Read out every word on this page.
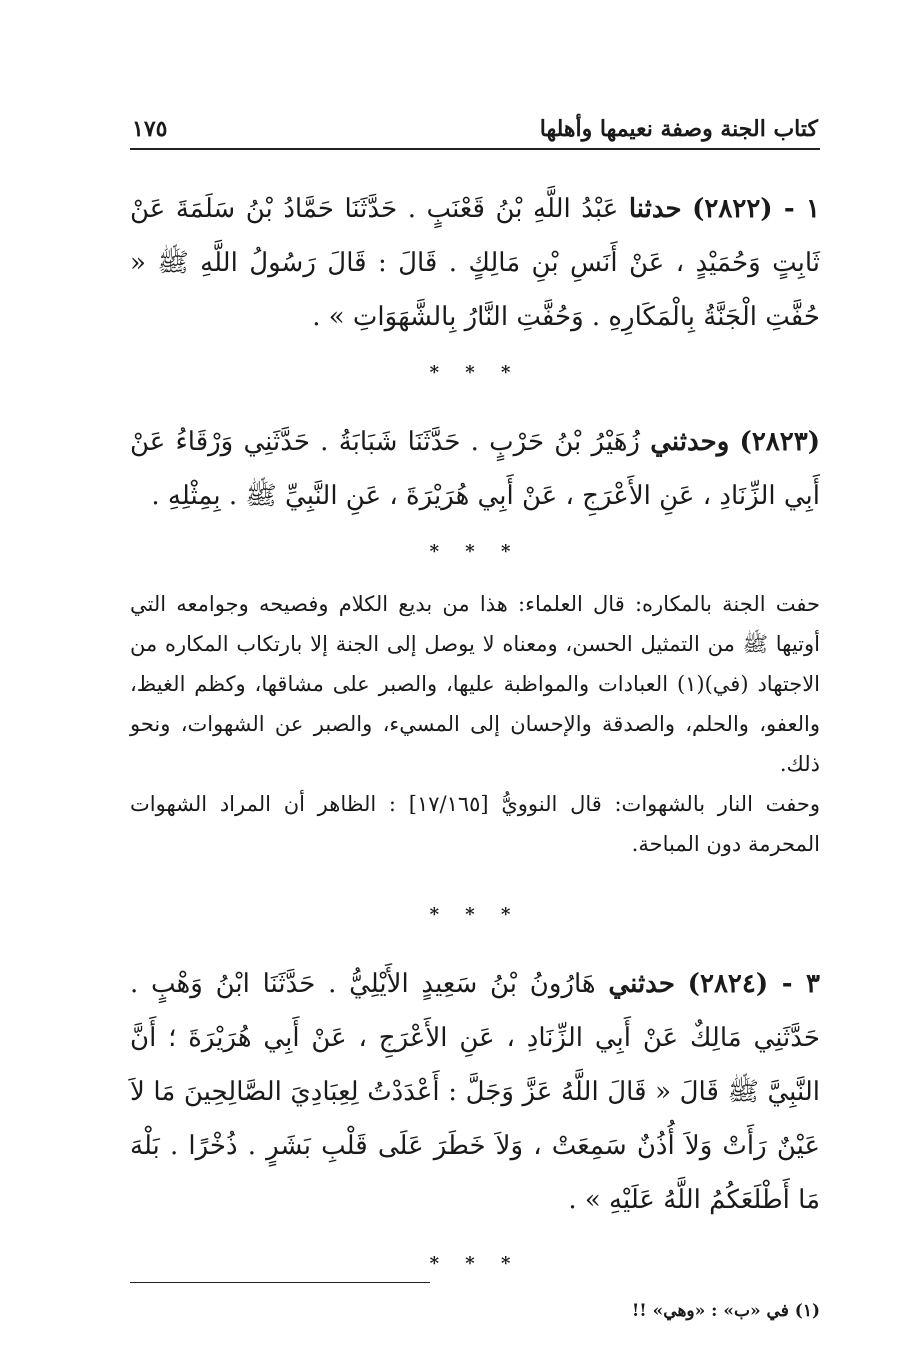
كتاب الجنة وصفة نعيمها وأهلها
١٧٥
١ - (٢٨٢٢) حدثنا عَبْدُ اللَّهِ بْنُ قَعْنَبٍ . حَدَّثَنَا حَمَّادُ بْنُ سَلَمَةَ عَنْ ثَابِتٍ وَحُمَيْدٍ ، عَنْ أَنَسِ بْنِ مَالِكٍ . قَالَ : قَالَ رَسُولُ اللَّهِ ﷺ « حُفَّتِ الْجَنَّةُ بِالْمَكَارِهِ . وَحُفَّتِ النَّارُ بِالشَّهَوَاتِ » .
* * *
(٢٨٢٣) وحدثني زُهَيْرُ بْنُ حَرْبٍ . حَدَّثَنَا شَبَابَةُ . حَدَّثَنِي وَرْقَاءُ عَنْ أَبِي الزِّنَادِ ، عَنِ الأَعْرَجِ ، عَنْ أَبِي هُرَيْرَةَ ، عَنِ النَّبِيِّ ﷺ . بِمِثْلِهِ .
* * *

حفت الجنة بالمكاره: قال العلماء: هذا من بديع الكلام وفصيحه وجوامعه التي أوتيها ﷺ من التمثيل الحسن، ومعناه لا يوصل إلى الجنة إلا بارتكاب المكاره من الاجتهاد (في)(١) العبادات والمواظبة عليها، والصبر على مشاقها، وكظم الغيظ، والعفو، والحلم، والصدقة والإحسان إلى المسيء، والصبر عن الشهوات، ونحو ذلك.

وحفت النار بالشهوات: قال النوويُّ [١٧/١٦٥] : الظاهر أن المراد الشهوات المحرمة دون المباحة.

* * *
٣ - (٢٨٢٤) حدثني هَارُونُ بْنُ سَعِيدٍ الأَيْلِيُّ . حَدَّثَنَا ابْنُ وَهْبٍ . حَدَّثَنِي مَالِكٌ عَنْ أَبِي الزِّنَادِ ، عَنِ الأَعْرَجِ ، عَنْ أَبِي هُرَيْرَةَ ؛ أَنَّ النَّبِيَّ ﷺ قَالَ « قَالَ اللَّهُ عَزَّ وَجَلَّ : أَعْدَدْتُ لِعِبَادِيَ الصَّالِحِينَ مَا لاَ عَيْنٌ رَأَتْ وَلاَ أُذُنٌ سَمِعَتْ ، وَلاَ خَطَرَ عَلَى قَلْبِ بَشَرٍ . ذُخْرًا . بَلْهَ مَا أَطْلَعَكُمُ اللَّهُ عَلَيْهِ » .
* * *
(١) في «ب» : «وهي» !!
